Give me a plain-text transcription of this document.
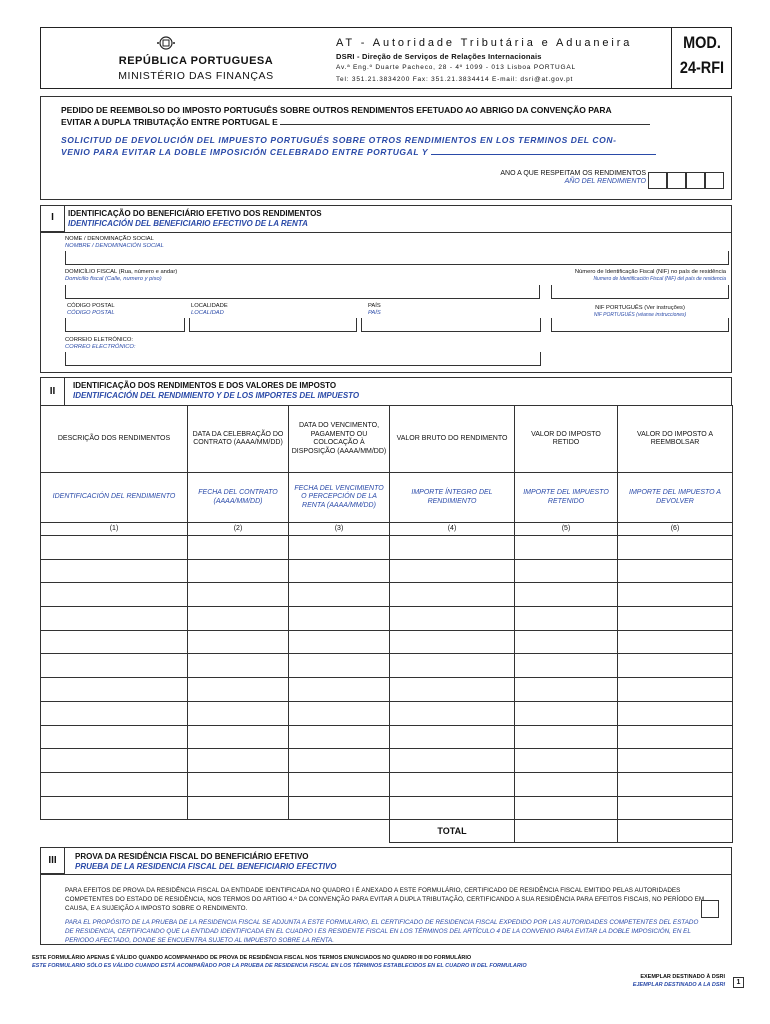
REPÚBLICA PORTUGUESA
MINISTÉRIO DAS FINANÇAS
AT - Autoridade Tributária e Aduaneira
DSRI - Direção de Serviços de Relações Internacionais
Av.ª Eng.º Duarte Pacheco, 28 - 4º 1099 - 013 Lisboa PORTUGAL
Tel: 351.21.3834200 Fax: 351.21.3834414 E-mail: dsri@at.gov.pt
MOD.
24-RFI
PEDIDO DE REEMBOLSO DO IMPOSTO PORTUGUÊS SOBRE OUTROS RENDIMENTOS EFETUADO AO ABRIGO DA CONVENÇÃO PARA
EVITAR A DUPLA TRIBUTAÇÃO ENTRE PORTUGAL E
SOLICITUD DE DEVOLUCIÓN DEL IMPUESTO PORTUGUÉS SOBRE OTROS RENDIMIENTOS EN LOS TERMINOS DEL CON-
VENIO PARA EVITAR LA DOBLE IMPOSICIÓN CELEBRADO ENTRE PORTUGAL Y
ANO A QUE RESPEITAM OS RENDIMENTOS
AÑO DEL RENDIMIENTO
I	IDENTIFICAÇÃO DO BENEFICIÁRIO EFETIVO DOS RENDIMENTOS
IDENTIFICACIÓN DEL BENEFICIARIO EFECTIVO DE LA RENTA
NOME / DENOMINAÇÃO SOCIAL
NOMBRE / DENOMINACIÓN SOCIAL
DOMICÍLIO FISCAL (Rua, número e andar)
Domicilio fiscal (Calle, numero y piso)
Número de Identificação Fiscal (NIF) no país de residência
Numero de Identificación Fiscal (NIF) del país de residencia
CÓDIGO POSTAL
CÓDIGO POSTAL
LOCALIDADE
LOCALIDAD
PAÍS
PAÍS
NIF PORTUGUÊS (Ver instruções)
NIF PORTUGUÉS (véanse instrucciones)
CORREIO ELETRÓNICO:
CORREO ELECTRÓNICO:
II
IDENTIFICAÇÃO DOS RENDIMENTOS E DOS VALORES DE IMPOSTO
IDENTIFICACIÓN DEL RENDIMIENTO Y DE LOS IMPORTES DEL IMPUESTO
DESCRIÇÃO DOS RENDIMENTOS	DATA DA CELEBRAÇÃO DO CONTRATO (AAAA/MM/DD)	DATA DO VENCIMENTO, PAGAMENTO OU COLOCAÇÃO À DISPOSIÇÃO (AAAA/MM/DD)	VALOR BRUTO DO RENDIMENTO	VALOR DO IMPOSTO RETIDO	VALOR DO IMPOSTO A REEMBOLSAR
IDENTIFICACIÓN DEL RENDIMIENTO	FECHA DEL CONTRATO (AAAA/MM/DD)	FECHA DEL VENCIMIENTO O PERCEPCIÓN DE LA RENTA (AAAA/MM/DD)	IMPORTE ÍNTEGRO DEL RENDIMIENTO	IMPORTE DEL IMPUESTO RETENIDO	IMPORTE DEL IMPUESTO A DEVOLVER
(1)	(2)	(3)	(4)	(5)	(6)

			TOTAL		
III	PROVA DA RESIDÊNCIA FISCAL DO BENEFICIÁRIO EFETIVO
PRUEBA DE LA RESIDENCIA FISCAL DEL BENEFICIARIO EFECTIVO
PARA EFEITOS DE PROVA DA RESIDÊNCIA FISCAL DA ENTIDADE IDENTIFICADA NO QUADRO I É ANEXADO A ESTE FORMULÁRIO, CERTIFICADO DE RESIDÊNCIA FISCAL EMITIDO PELAS AUTORIDADES COMPETENTES DO ESTADO DE RESIDÊNCIA, NOS TERMOS DO ARTIGO 4.º DA CONVENÇÃO PARA EVITAR A DUPLA TRIBUTAÇÃO, CERTIFICANDO A SUA RESIDÊNCIA PARA EFEITOS FISCAIS, NO PERÍODO EM CAUSA, E A SUJEIÇÃO A IMPOSTO SOBRE O RENDIMENTO.
PARA EL PROPÓSITO DE LA PRUEBA DE LA RESIDENCIA FISCAL SE ADJUNTA A ESTE FORMULARIO, EL CERTIFICADO DE RESIDENCIA FISCAL EXPEDIDO POR LAS AUTORIDADES COMPETENTES DEL ESTADO DE RESIDENCIA, CERTIFICANDO QUE LA ENTIDAD IDENTIFICADA EN EL CUADRO I ES RESIDENTE FISCAL EN LOS TÉRMINOS DEL ARTÍCULO 4 DE LA CONVENIO PARA EVITAR LA DOBLE IMPOSICIÓN, EN EL PERIODO AFECTADO, DONDE SE ENCUENTRA SUJETO AL IMPUESTO SOBRE LA RENTA.
ESTE FORMULÁRIO APENAS É VÁLIDO QUANDO ACOMPANHADO DE PROVA DE RESIDÊNCIA FISCAL NOS TERMOS ENUNCIADOS NO QUADRO III DO FORMULÁRIO
ESTE FORMULARIO SÓLO ES VÁLIDO CUANDO ESTÁ ACOMPAÑADO POR LA PRUEBA DE RESIDENCIA FISCAL EN LOS TÉRMINOS ESTABLECIDOS EN EL CUADRO III DEL FORMULARIO
EXEMPLAR DESTINADO À DSRI
EJEMPLAR DESTINADO A LA DSRI	1
